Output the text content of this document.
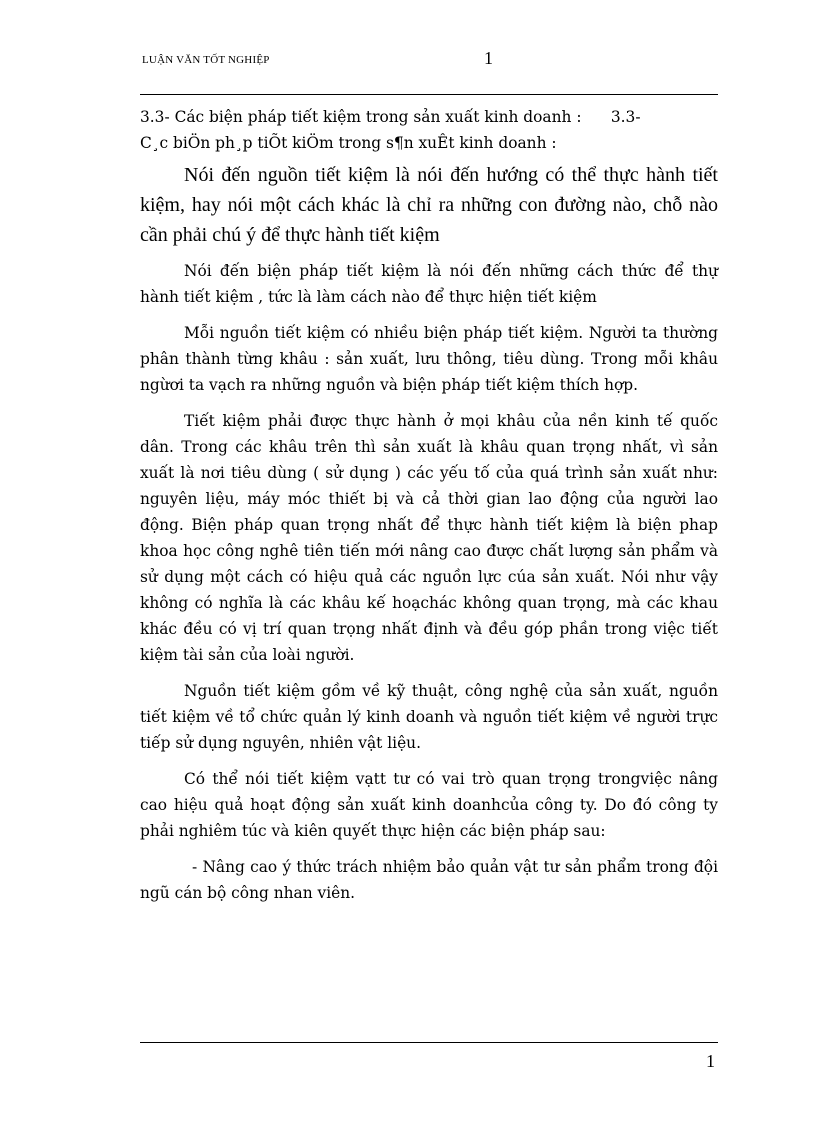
LUẬN VĂN TỐT NGHIỆP	1

3.3- Các biện pháp tiết kiệm trong sản xuất kinh doanh :      3.3-

C¸c biÖn ph¸p tiÕt kiÖm trong s¶n xuÊt kinh doanh :

Nói đến nguồn tiết kiệm là nói đến hướng có thể thực hành tiết kiệm, hay nói một cách khác là chỉ ra những con đường nào, chỗ nào cần phải chú ý để thực hành tiết kiệm

Nói đến biện pháp tiết kiệm là nói đến những cách thức để thự hành tiết kiệm , tức là làm cách nào để thực hiện tiết kiệm

Mỗi nguồn tiết kiệm có nhiều biện pháp tiết kiệm. Người ta thường phân thành từng khâu : sản xuất, lưu thông, tiêu dùng. Trong mỗi khâu ngừơi ta vạch ra những nguồn và biện pháp tiết kiệm thích hợp.

Tiết kiệm phải được thực hành ở mọi khâu của nền kinh tế quốc dân. Trong các khâu trên thì sản xuất là khâu quan trọng nhất, vì sản xuất là nơi tiêu dùng ( sử dụng ) các yếu tố của quá trình sản xuất như: nguyên liệu, máy móc thiết bị và cả thời gian lao động của người lao động. Biện pháp quan trọng nhất để thực hành tiết kiệm là biện phap khoa học công nghê tiên tiến mới nâng cao được chất lượng sản phẩm và sử dụng một cách có hiệu quả các nguồn lực cúa sản xuất. Nói như vậy không có nghĩa là các khâu kế hoạchác không quan trọng, mà các khau khác đều có vị trí quan trọng nhất định và đều góp phần trong việc tiết kiệm tài sản của loài người.

Nguồn tiết kiệm gồm về kỹ thuật, công nghệ của sản xuất, nguồn tiết kiệm về tổ chức quản lý kinh doanh và nguồn tiết kiệm về người trực tiếp sử dụng nguyên, nhiên vật liệu.

Có thể nói tiết kiệm vạtt tư có vai trò quan trọng trongviệc nâng cao hiệu quả hoạt động sản xuất kinh doanhcủa công ty. Do đó công ty phải nghiêm túc và kiên quyết thực hiện các biện pháp sau:

- Nâng cao ý thức trách nhiệm bảo quản vật tư sản phẩm trong đội ngũ cán bộ công nhan viên.

1
